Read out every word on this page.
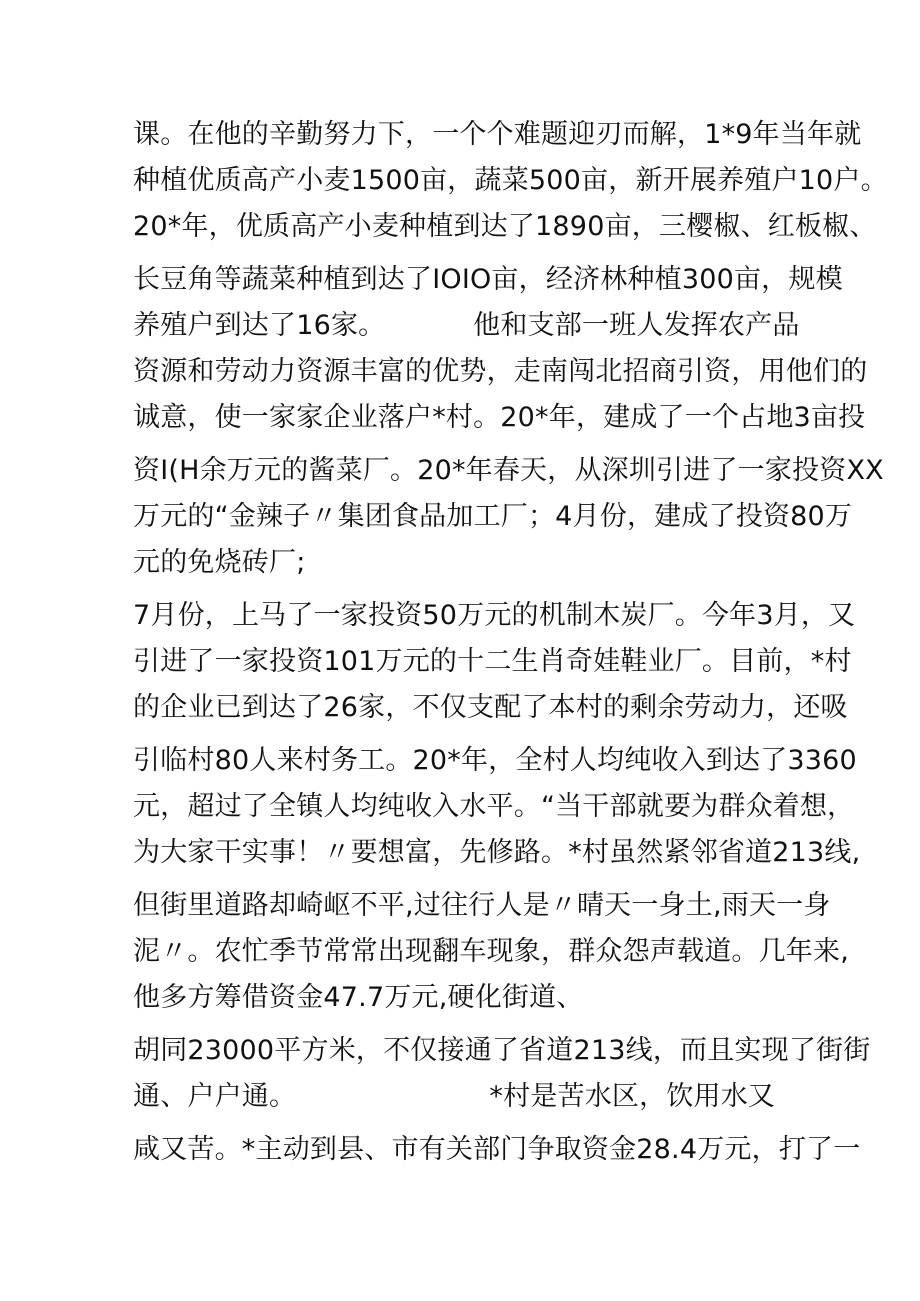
课。在他的辛勤努力下，一个个难题迎刃而解，1*9年当年就
种植优质高产小麦1500亩，蔬菜500亩，新开展养殖户10户。
20*年，优质高产小麦种植到达了1890亩，三樱椒、红板椒、
长豆角等蔬菜种植到达了IOIO亩，经济林种植300亩，规模
养殖户到达了16家。          他和支部一班人发挥农产品
资源和劳动力资源丰富的优势，走南闯北招商引资，用他们的
诚意，使一家家企业落户*村。20*年，建成了一个占地3亩投
资I(H余万元的酱菜厂。20*年春天，从深圳引进了一家投资XX
万元的“金辣子〃集团食品加工厂；4月份，建成了投资80万
元的免烧砖厂;
7月份，上马了一家投资50万元的机制木炭厂。今年3月，又
引进了一家投资101万元的十二生肖奇娃鞋业厂。目前，*村
的企业已到达了26家，不仅支配了本村的剩余劳动力，还吸
引临村80人来村务工。20*年，全村人均纯收入到达了3360
元，超过了全镇人均纯收入水平。“当干部就要为群众着想，
为大家干实事！〃要想富，先修路。*村虽然紧邻省道213线,
但街里道路却崎岖不平,过往行人是〃晴天一身土,雨天一身
泥〃。农忙季节常常出现翻车现象，群众怨声载道。几年来,
他多方筹借资金47.7万元,硬化街道、
胡同23000平方米，不仅接通了省道213线，而且实现了街街
通、户户通。                      *村是苦水区，饮用水又
咸又苦。*主动到县、市有关部门争取资金28.4万元，打了一
